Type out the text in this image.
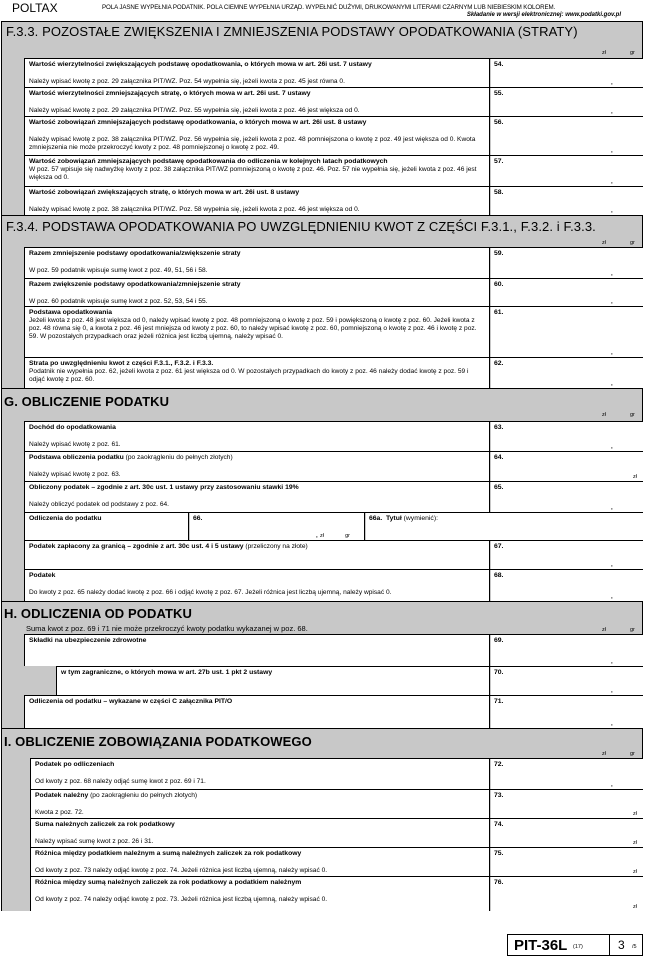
POLTAX	POLA JASNE WYPEŁNIA PODATNIK. POLA CIEMNE WYPEŁNIA URZĄD. WYPEŁNIĆ DUŻYMI, DRUKOWANYMI LITERAMI CZARNYM LUB NIEBIESKIM KOLOREM.
Składanie w wersji elektronicznej: www.podatki.gov.pl
F.3.3. POZOSTAŁE ZWIĘKSZENIA I ZMNIEJSZENIA PODSTAWY OPODATKOWANIA (STRATY)
zł	gr
Wartość wierzytelności zwiększających podstawę opodatkowania, o których mowa w art. 26i ust. 7 ustawy
Należy wpisać kwotę z poz. 29 załącznika PIT/WZ. Poz. 54 wypełnia się, jeżeli kwota z poz. 45 jest równa 0.
54.
,
Wartość wierzytelności zmniejszających stratę, o których mowa w art. 26i ust. 7 ustawy
Należy wpisać kwotę z poz. 29 załącznika PIT/WZ. Poz. 55 wypełnia się, jeżeli kwota z poz. 46 jest większa od 0.
55.
,
Wartość zobowiązań zmniejszających podstawę opodatkowania, o których mowa w art. 26i ust. 8 ustawy
Należy wpisać kwotę z poz. 38 załącznika PIT/WZ. Poz. 56 wypełnia się, jeżeli kwota z poz. 48 pomniejszona o kwotę z poz. 49 jest większa od 0. Kwota zmniejszenia nie może przekroczyć kwoty z poz. 48 pomniejszonej o kwotę z poz. 49.
56.
,
Wartość zobowiązań zmniejszających podstawę opodatkowania do odliczenia w kolejnych latach podatkowych
W poz. 57 wpisuje się nadwyżkę kwoty z poz. 38 załącznika PIT/WZ pomniejszoną o kwotę z poz. 46. Poz. 57 nie wypełnia się, jeżeli kwota z poz. 46 jest większa od 0.
57.
,
Wartość zobowiązań zwiększających stratę, o których mowa w art. 26i ust. 8 ustawy
Należy wpisać kwotę z poz. 38 załącznika PIT/WZ. Poz. 58 wypełnia się, jeżeli kwota z poz. 46 jest większa od 0.
58.
,
F.3.4. PODSTAWA OPODATKOWANIA PO UWZGLĘDNIENIU KWOT Z CZĘŚCI F.3.1., F.3.2. i F.3.3.
zł	gr
Razem zmniejszenie podstawy opodatkowania/zwiększenie straty
W poz. 59 podatnik wpisuje sumę kwot z poz. 49, 51, 56 i 58.
59.
,
Razem zwiększenie podstawy opodatkowania/zmniejszenie straty
W poz. 60 podatnik wpisuje sumę kwot z poz. 52, 53, 54 i 55.
60.
,
Podstawa opodatkowania
Jeżeli kwota z poz. 48 jest większa od 0, należy wpisać kwotę z poz. 48 pomniejszoną o kwotę z poz. 59 i powiększoną o kwotę z poz. 60. Jeżeli kwota z poz. 48 równa się 0, a kwota z poz. 46 jest mniejsza od kwoty z poz. 60, to należy wpisać kwotę z poz. 60, pomniejszoną o kwotę z poz. 46 i kwotę z poz. 59. W pozostałych przypadkach oraz jeżeli różnica jest liczbą ujemną, należy wpisać 0.
61.
,
Strata po uwzględnieniu kwot z części F.3.1., F.3.2. i F.3.3.
Podatnik nie wypełnia poz. 62, jeżeli kwota z poz. 61 jest większa od 0. W pozostałych przypadkach do kwoty z poz. 46 należy dodać kwotę z poz. 59 i odjąć kwotę z poz. 60.
62.
,
G. OBLICZENIE PODATKU
zł	gr
Dochód do opodatkowania
Należy wpisać kwotę z poz. 61.
63.
,
Podstawa obliczenia podatku (po zaokrągleniu do pełnych złotych)
Należy wpisać kwotę z poz. 63.
64.
zł
Obliczony podatek – zgodnie z art. 30c ust. 1 ustawy przy zastosowaniu stawki 19%
Należy obliczyć podatek od podstawy z poz. 64.
65.
,
Odliczenia do podatku	66.
, zł	gr
66a. Tytuł (wymienić):
Podatek zapłacony za granicą – zgodnie z art. 30c ust. 4 i 5 ustawy (przeliczony na złote)	67.
,
Podatek
Do kwoty z poz. 65 należy dodać kwotę z poz. 66 i odjąć kwotę z poz. 67. Jeżeli różnica jest liczbą ujemną, należy wpisać 0.
68.
,
H. ODLICZENIA OD PODATKU
Suma kwot z poz. 69 i 71 nie może przekroczyć kwoty podatku wykazanej w poz. 68.	zł	gr
Składki na ubezpieczenie zdrowotne	69.
,
w tym zagraniczne, o których mowa w art. 27b ust. 1 pkt 2 ustawy	70.
,
Odliczenia od podatku – wykazane w części C załącznika PIT/O	71.
,
I. OBLICZENIE ZOBOWIĄZANIA PODATKOWEGO
zł	gr
Podatek po odliczeniach
Od kwoty z poz. 68 należy odjąć sumę kwot z poz. 69 i 71.
72.
,
Podatek należny (po zaokrągleniu do pełnych złotych)
Kwota z poz. 72.
73.
zł
Suma należnych zaliczek za rok podatkowy
Należy wpisać sumę kwot z poz. 26 i 31.
74.
zł
Różnica między podatkiem należnym a sumą należnych zaliczek za rok podatkowy
Od kwoty z poz. 73 należy odjąć kwotę z poz. 74. Jeżeli różnica jest liczbą ujemną, należy wpisać 0.
75.
zł
Różnica między sumą należnych zaliczek za rok podatkowy a podatkiem należnym
Od kwoty z poz. 74 należy odjąć kwotę z poz. 73. Jeżeli różnica jest liczbą ujemną, należy wpisać 0.
76.
zł
PIT-36L (17)	3 /5
